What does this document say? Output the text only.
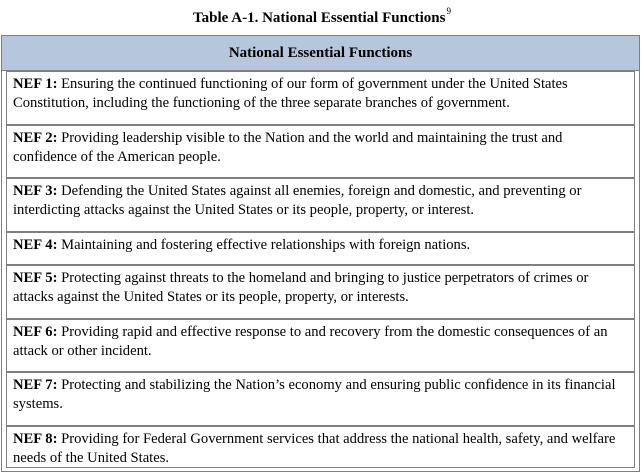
Table A-1. National Essential Functions$^9$
National Essential Functions
NEF 1: Ensuring the continued functioning of our form of government under the United States Constitution, including the functioning of the three separate branches of government.
NEF 2: Providing leadership visible to the Nation and the world and maintaining the trust and confidence of the American people.
NEF 3: Defending the United States against all enemies, foreign and domestic, and preventing or interdicting attacks against the United States or its people, property, or interest.
NEF 4: Maintaining and fostering effective relationships with foreign nations.
NEF 5: Protecting against threats to the homeland and bringing to justice perpetrators of crimes or attacks against the United States or its people, property, or interests.
NEF 6: Providing rapid and effective response to and recovery from the domestic consequences of an attack or other incident.
NEF 7: Protecting and stabilizing the Nation’s economy and ensuring public confidence in its financial systems.
NEF 8: Providing for Federal Government services that address the national health, safety, and welfare needs of the United States.
